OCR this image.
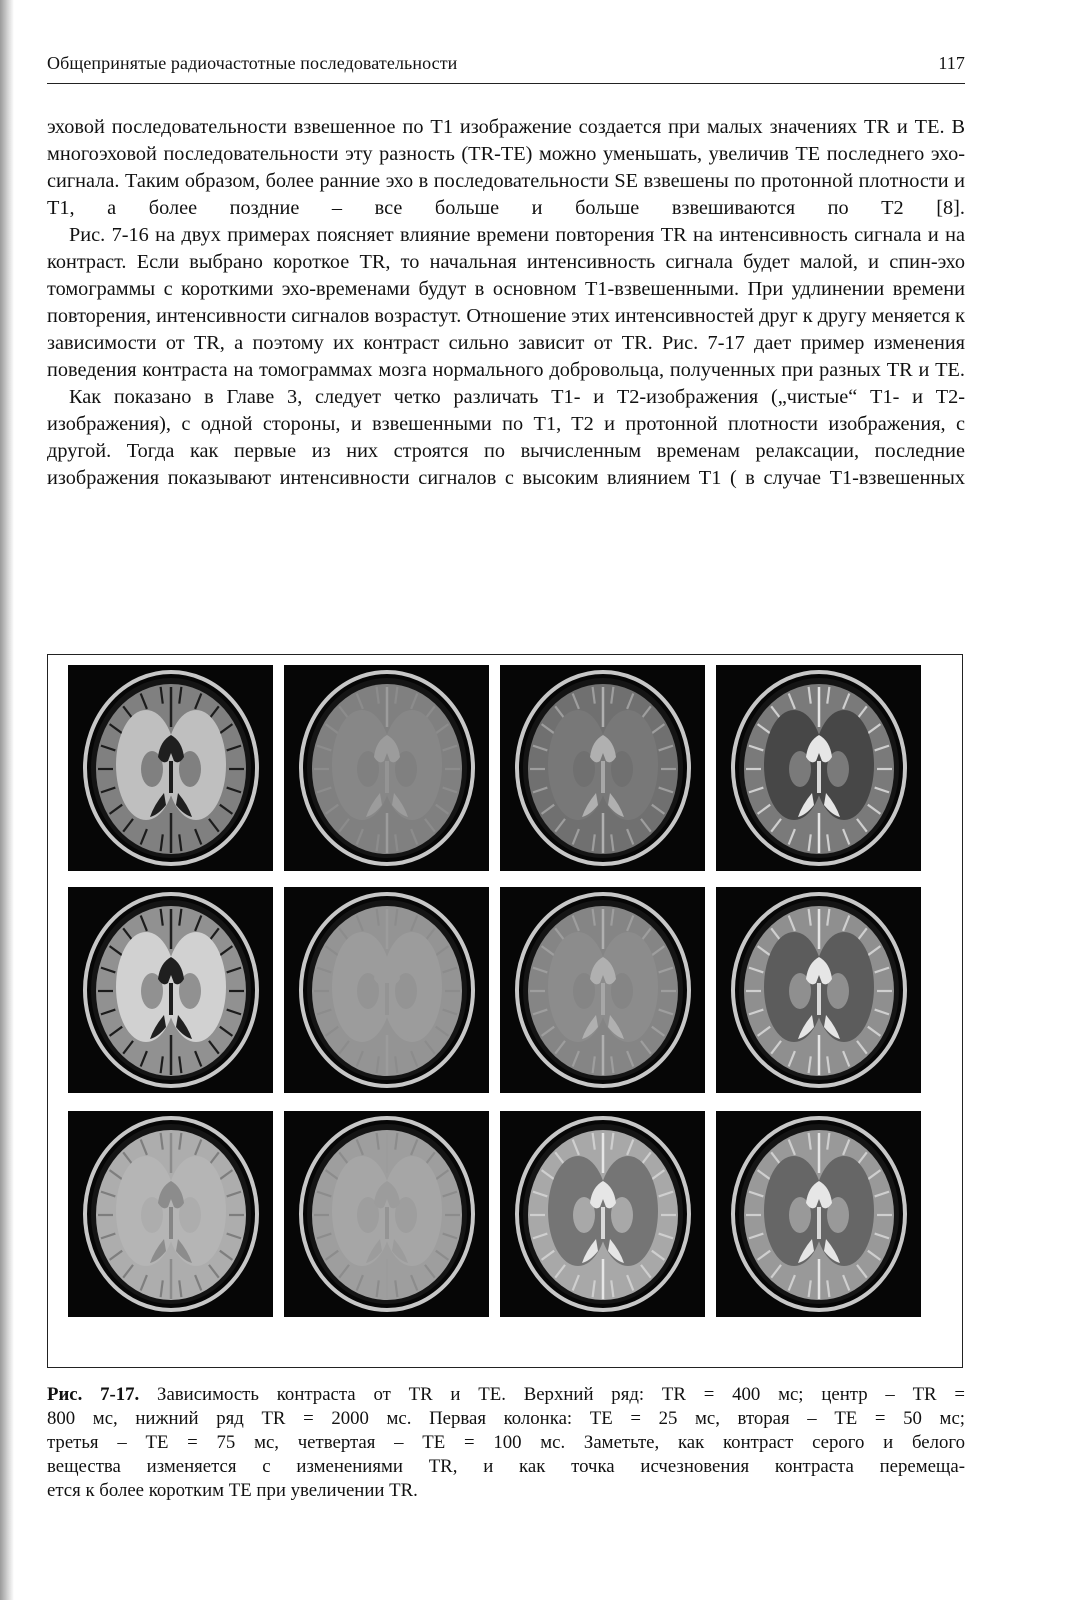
Общепринятые радиочастотные последовательности	117

эховой последовательности взвешенное по T1 изображение создается при малых значениях TR и TE. В многоэховой последовательности эту разность (TR-TE) можно уменьшать, увеличив TE последнего эхо-сигнала. Таким образом, более ранние эхо в последовательности SE взвешены по протонной плотности и T1, а более поздние – все больше и больше взвешиваются по T2 [8].

Рис. 7-16 на двух примерах поясняет влияние времени повторения TR на интенсивность сигнала и на контраст. Если выбрано короткое TR, то начальная интенсивность сигнала будет малой, и спин-эхо томограммы с короткими эхо-временами будут в основном T1-взвешенными. При удлинении времени повторения, интенсивности сигналов возрастут. Отношение этих интенсивностей друг к другу меняется к зависимости от TR, а поэтому их контраст сильно зависит от TR. Рис. 7-17 дает пример изменения поведения контраста на томограммах мозга нормального добровольца, полученных при разных TR и TE.

Как показано в Главе 3, следует четко различать T1- и T2-изображения („чистые“ T1- и T2-изображения), с одной стороны, и взвешенными по T1, T2 и протонной плотности изображения, с другой. Тогда как первые из них строятся по вычисленным временам релаксации, последние изображения показывают интенсивности сигналов с высоким влиянием T1 ( в случае T1-взвешенных

Рис. 7-17. Зависимость контраста от TR и TE. Верхний ряд: TR = 400 мс; центр – TR =
800 мс, нижний ряд TR = 2000 мс. Первая колонка: TE = 25 мс, вторая – TE = 50 мс;
третья – TE = 75 мс, четвертая – TE = 100 мс. Заметьте, как контраст серого и белого
вещества изменяется с изменениями TR, и как точка исчезновения контраста перемеща-
ется к более коротким TE при увеличении TR.
